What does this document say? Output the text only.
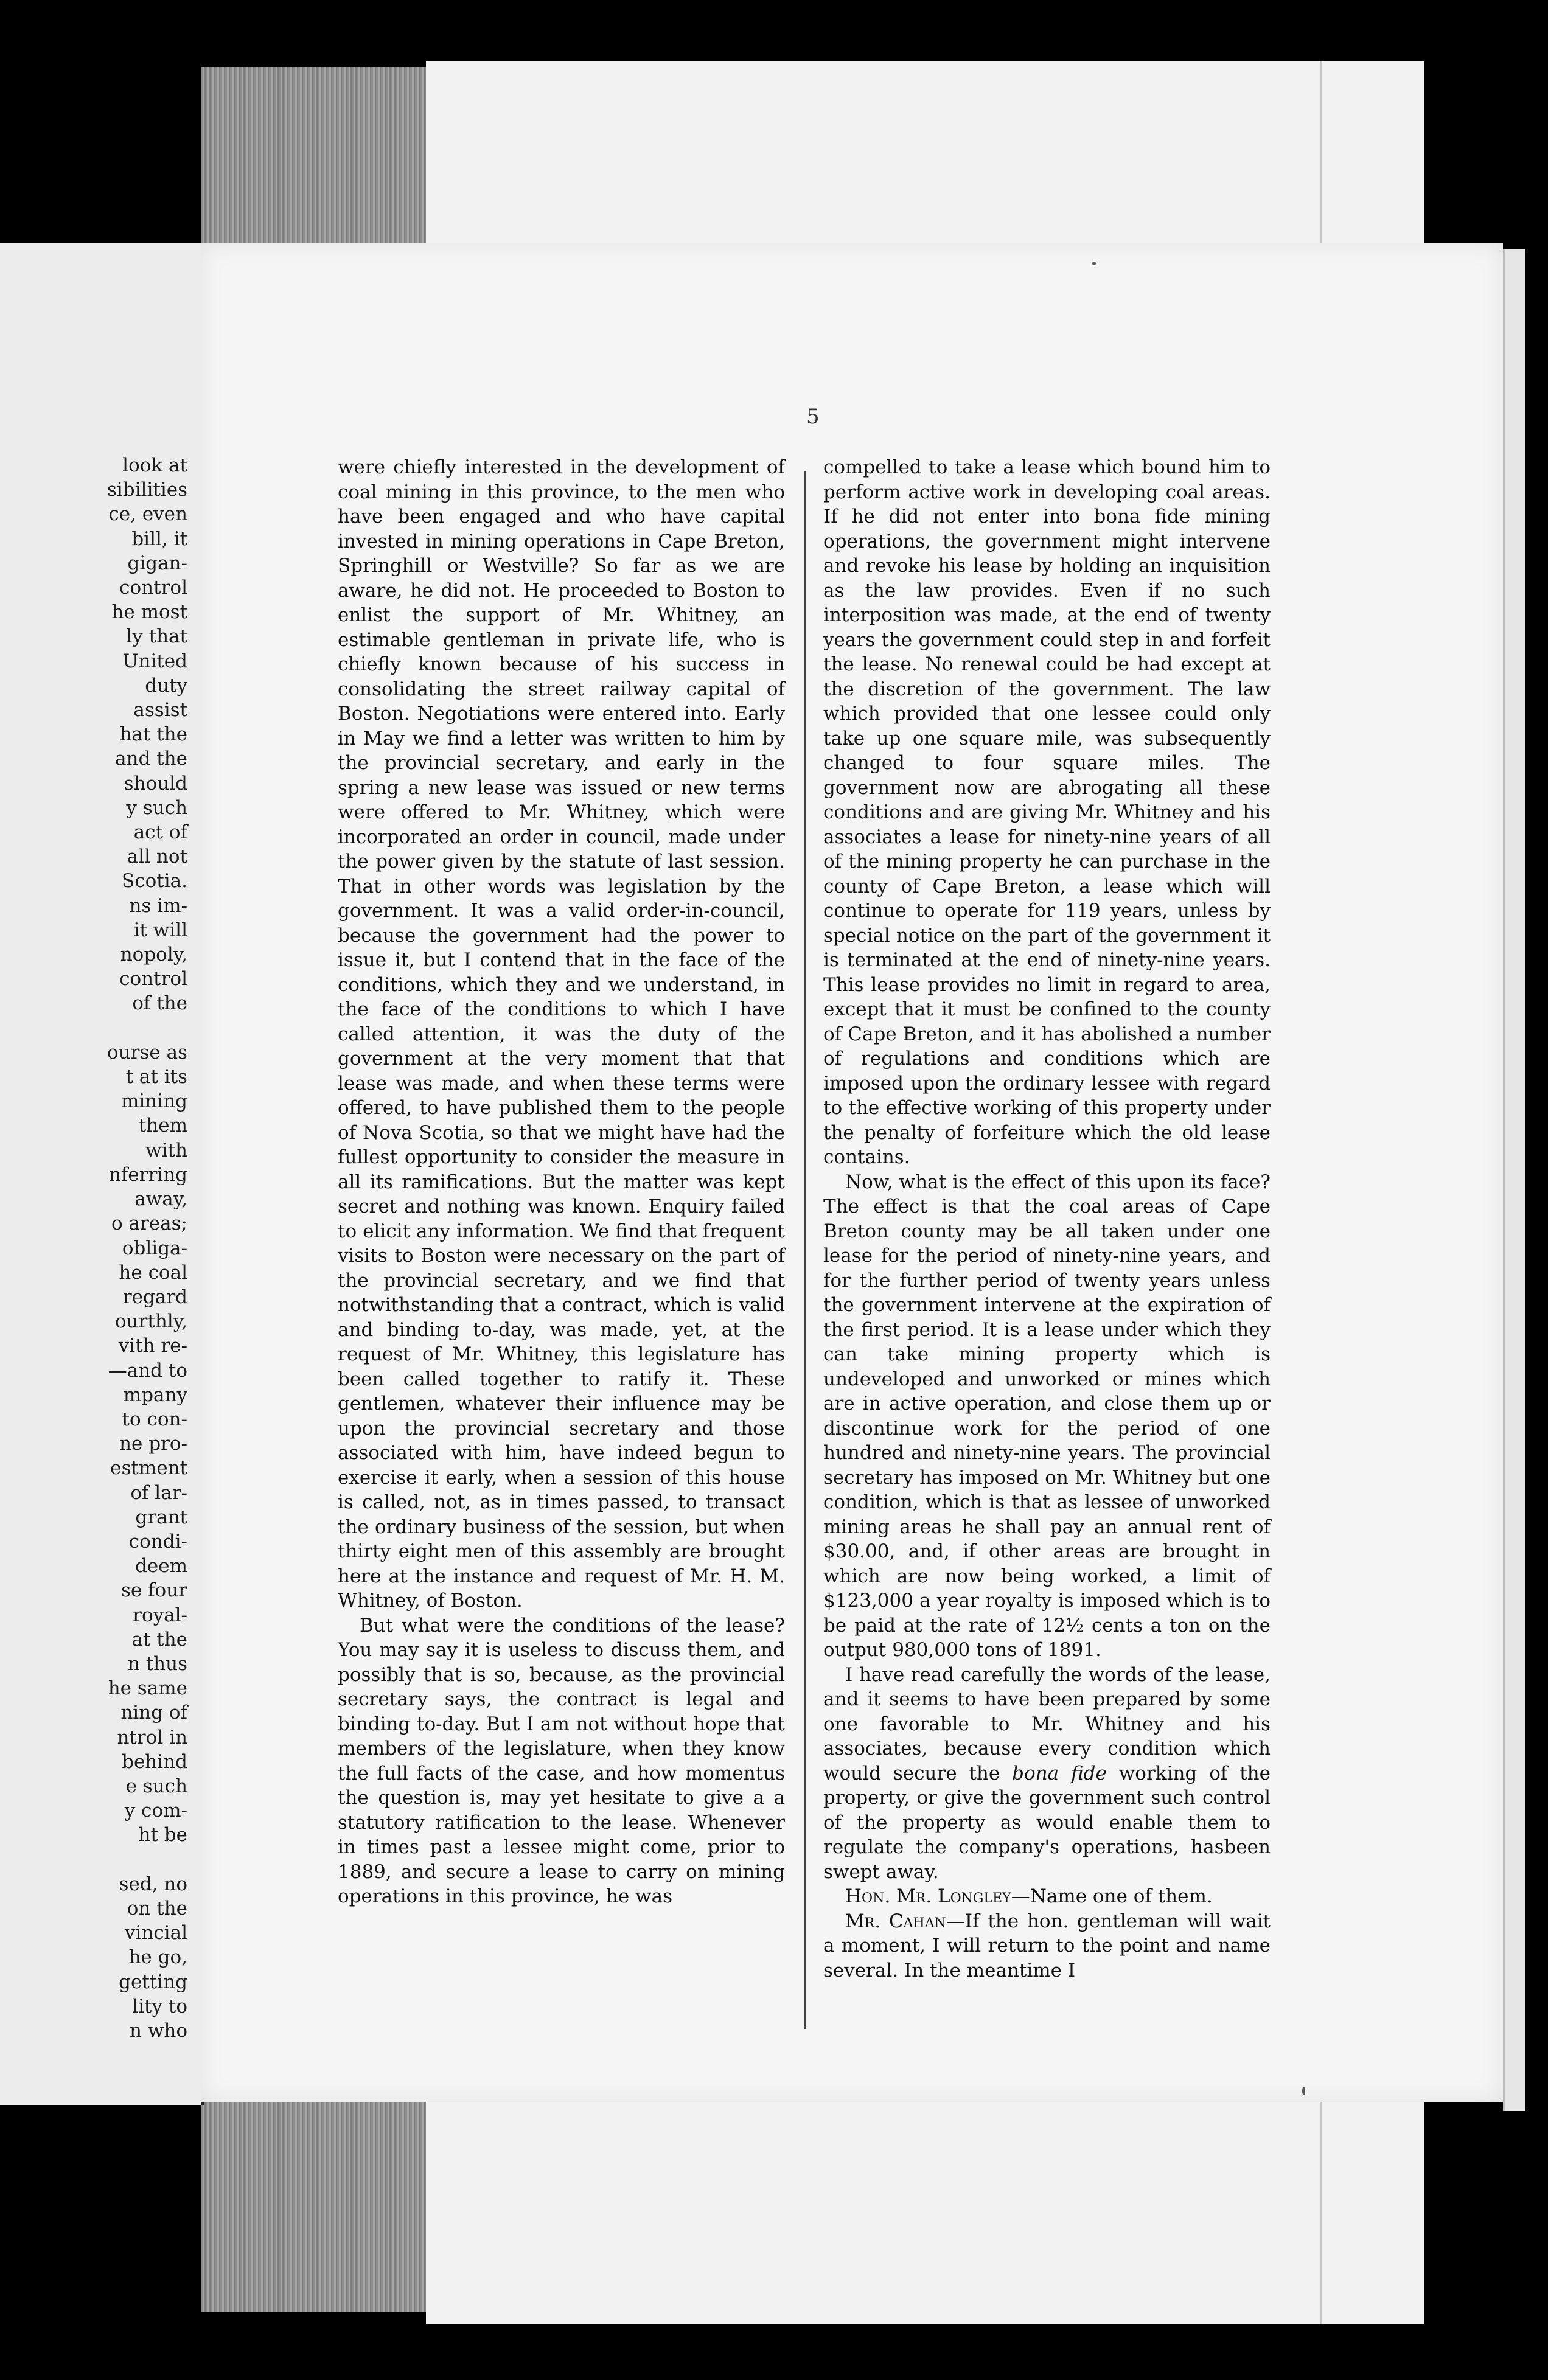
look at
sibilities
ce, even
bill, it
gigan-
control
he most
ly that
United
duty
assist
hat the
and the
should
y such
act of
all not
Scotia.
ns im-
it will
nopoly,
control
of the

ourse as
t at its
mining
them
with
nferring
away,
o areas;
obliga-
he coal
regard
ourthly,
vith re-
—and to
mpany
to con-
ne pro-
estment
of lar-
grant
condi-
deem
se four
royal-
at the
n thus
he same
ning of
ntrol in
behind
e such
y com-
ht be

sed, no
on the
vincial
he go,
getting
lity to
n who
5

were chiefly interested in the development of coal mining in this province, to the men who have been engaged and who have capital invested in mining operations in Cape Breton, Springhill or Westville? So far as we are aware, he did not. He proceeded to Boston to enlist the support of Mr. Whitney, an estimable gentleman in private life, who is chiefly known because of his success in consolidating the street railway capital of Boston. Negotiations were entered into. Early in May we find a letter was written to him by the provincial secretary, and early in the spring a new lease was issued or new terms were offered to Mr. Whitney, which were incorporated an order in council, made under the power given by the statute of last session. That in other words was legislation by the government. It was a valid order-in-council, because the government had the power to issue it, but I contend that in the face of the conditions, which they and we understand, in the face of the conditions to which I have called attention, it was the duty of the government at the very moment that that lease was made, and when these terms were offered, to have published them to the people of Nova Scotia, so that we might have had the fullest opportunity to consider the measure in all its ramifications. But the matter was kept secret and nothing was known. Enquiry failed to elicit any information. We find that frequent visits to Boston were necessary on the part of the provincial secretary, and we find that notwithstanding that a contract, which is valid and binding to-day, was made, yet, at the request of Mr. Whitney, this legislature has been called together to ratify it. These gentlemen, whatever their influence may be upon the provincial secretary and those associated with him, have indeed begun to exercise it early, when a session of this house is called, not, as in times passed, to transact the ordinary business of the session, but when thirty eight men of this assembly are brought here at the instance and request of Mr. H. M. Whitney, of Boston.

But what were the conditions of the lease? You may say it is useless to discuss them, and possibly that is so, because, as the provincial secretary says, the contract is legal and binding to-day. But I am not without hope that members of the legislature, when they know the full facts of the case, and how momentus the question is, may yet hesitate to give a a statutory ratification to the lease. Whenever in times past a lessee might come, prior to 1889, and secure a lease to carry on mining operations in this province, he was

compelled to take a lease which bound him to perform active work in developing coal areas. If he did not enter into bona fide mining operations, the government might intervene and revoke his lease by holding an inquisition as the law provides. Even if no such interposition was made, at the end of twenty years the government could step in and forfeit the lease. No renewal could be had except at the discretion of the government. The law which provided that one lessee could only take up one square mile, was subsequently changed to four square miles. The government now are abrogating all these conditions and are giving Mr. Whitney and his associates a lease for ninety-nine years of all of the mining property he can purchase in the county of Cape Breton, a lease which will continue to operate for 119 years, unless by special notice on the part of the government it is terminated at the end of ninety-nine years. This lease provides no limit in regard to area, except that it must be confined to the county of Cape Breton, and it has abolished a number of regulations and conditions which are imposed upon the ordinary lessee with regard to the effective working of this property under the penalty of forfeiture which the old lease contains.

Now, what is the effect of this upon its face? The effect is that the coal areas of Cape Breton county may be all taken under one lease for the period of ninety-nine years, and for the further period of twenty years unless the government intervene at the expiration of the first period. It is a lease under which they can take mining property which is undeveloped and unworked or mines which are in active operation, and close them up or discontinue work for the period of one hundred and ninety-nine years. The provincial secretary has imposed on Mr. Whitney but one condition, which is that as lessee of unworked mining areas he shall pay an annual rent of $30.00, and, if other areas are brought in which are now being worked, a limit of $123,000 a year royalty is imposed which is to be paid at the rate of 12½ cents a ton on the output 980,000 tons of 1891.

I have read carefully the words of the lease, and it seems to have been prepared by some one favorable to Mr. Whitney and his associates, because every condition which would secure the bona fide working of the property, or give the government such control of the property as would enable them to regulate the company's operations, hasbeen swept away.

Hon. Mr. Longley—Name one of them.

Mr. Cahan—If the hon. gentleman will wait a moment, I will return to the point and name several. In the meantime I
